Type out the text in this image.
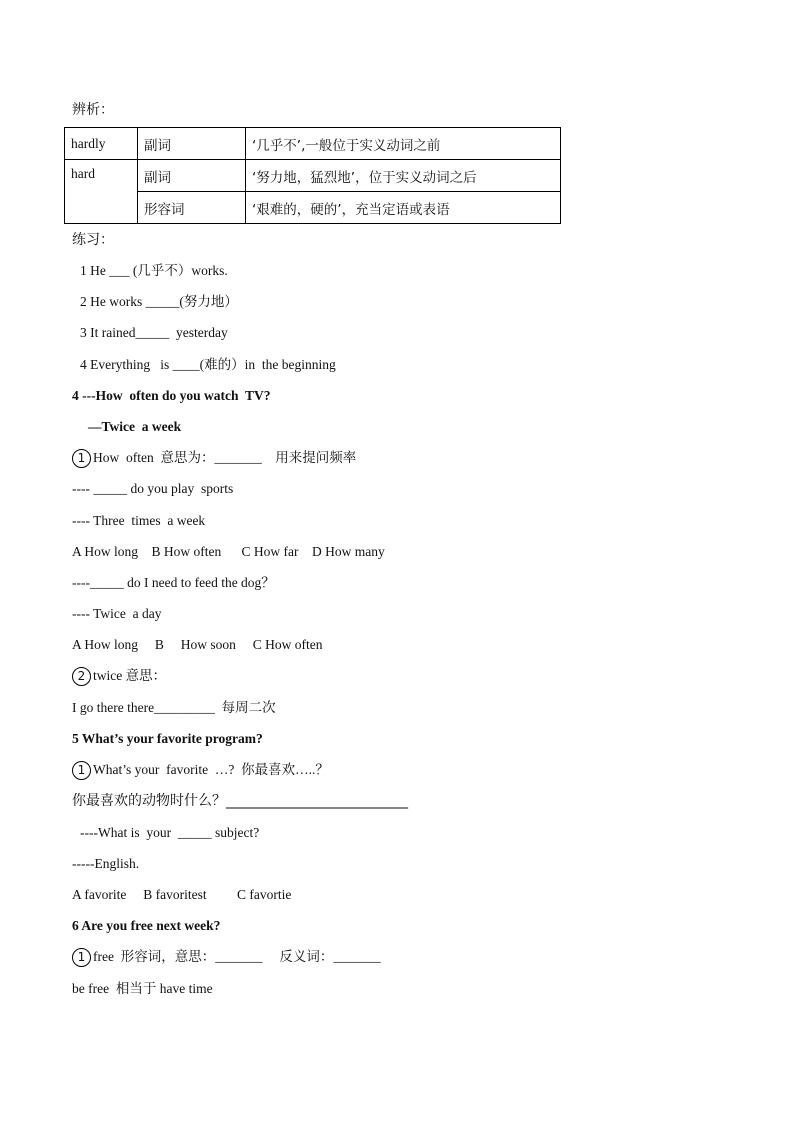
辨析：
hardly	副词	‘几乎不’,一般位于实义动词之前
hard	副词	‘努力地，猛烈地’，位于实义动词之后
	形容词	‘艰难的，硬的’，充当定语或表语
练习：
1 He ___ (几乎不）works.
2 He works _____(努力地）
3 It rained_____  yesterday
4 Everything   is ____(难的）in  the beginning
4 ---How  often do you watch  TV?
—Twice  a week
1 How  often  意思为：_______    用来提问频率
---- _____ do you play  sports
---- Three  times  a week
A How long    B How often      C How far    D How many
----_____ do I need to feed the dog？
---- Twice  a day
A How long     B     How soon     C How often
2 twice 意思：
I go there there_________  每周二次
5 What’s your favorite program?
1 What’s your  favorite  …?  你最喜欢…..？
你最喜欢的动物时什么？__________________________
----What is  your  _____ subject?
-----English.
A favorite     B favoritest         C favortie
6 Are you free next week?
1 free  形容词，意思：_______     反义词：_______
be free  相当于 have time
